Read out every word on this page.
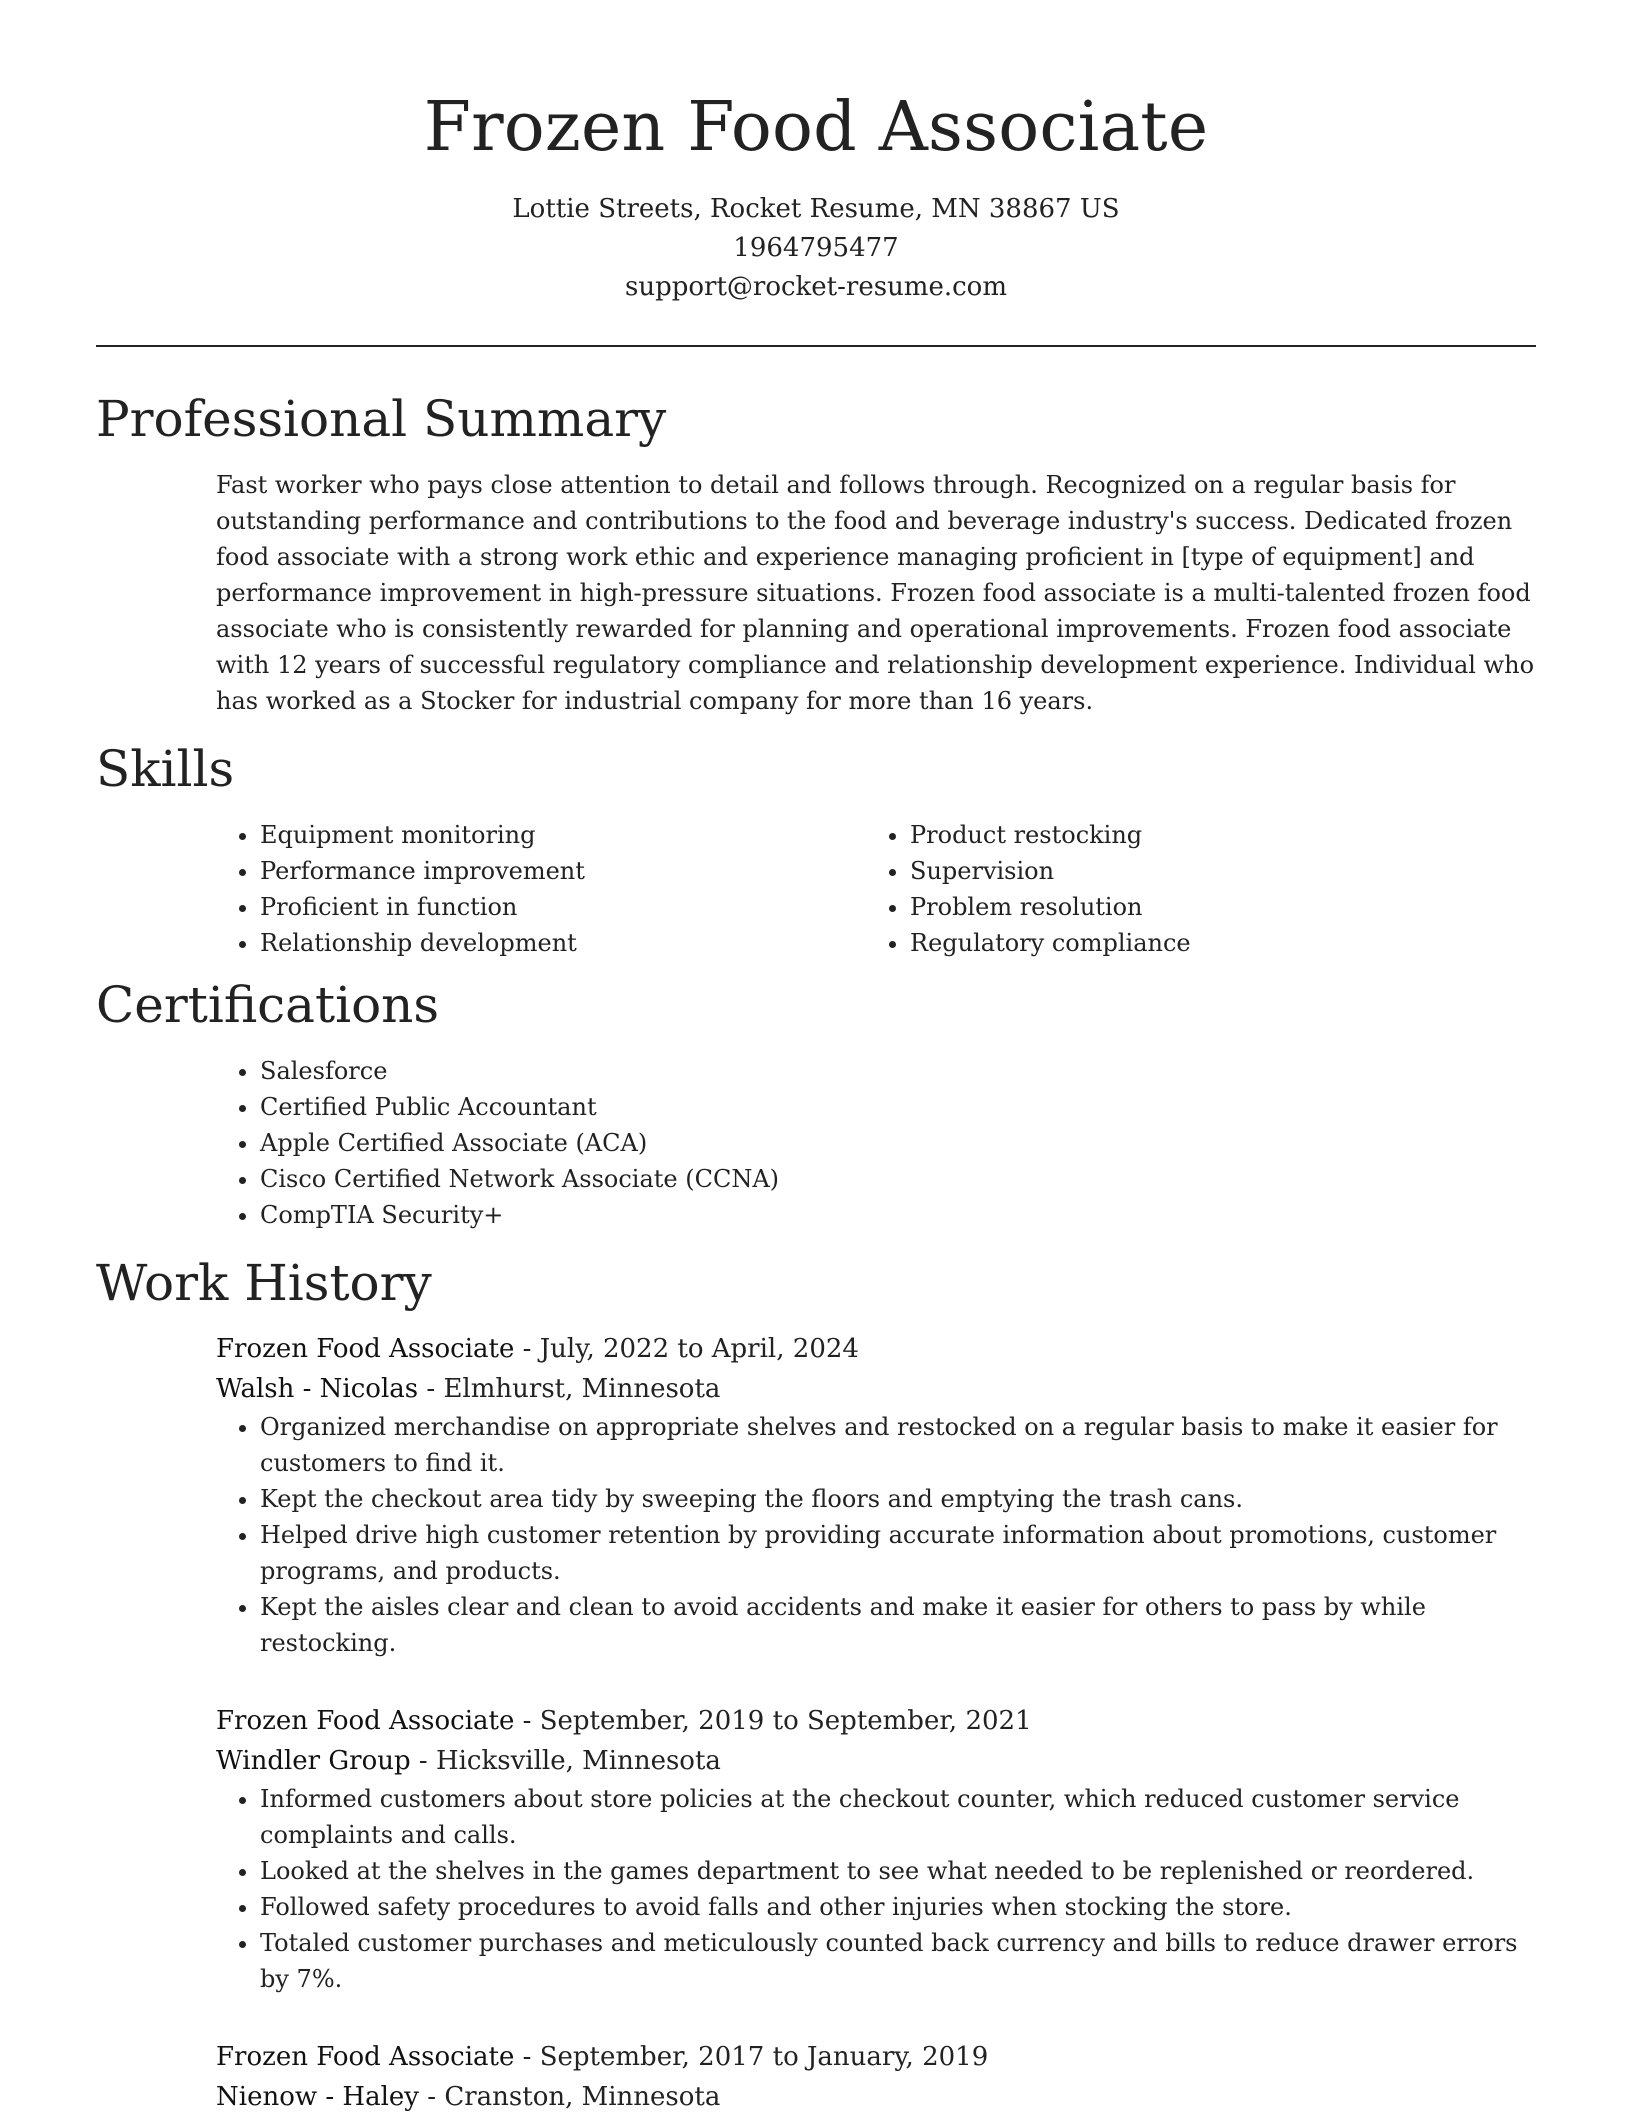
Frozen Food Associate
Lottie Streets, Rocket Resume, MN 38867 US
1964795477
support@rocket-resume.com
Professional Summary
Fast worker who pays close attention to detail and follows through. Recognized on a regular basis for outstanding performance and contributions to the food and beverage industry's success. Dedicated frozen food associate with a strong work ethic and experience managing proficient in [type of equipment] and performance improvement in high-pressure situations. Frozen food associate is a multi-talented frozen food associate who is consistently rewarded for planning and operational improvements. Frozen food associate with 12 years of successful regulatory compliance and relationship development experience. Individual who has worked as a Stocker for industrial company for more than 16 years.
Skills
• Equipment monitoring
• Performance improvement
• Proficient in function
• Relationship development
• Product restocking
• Supervision
• Problem resolution
• Regulatory compliance
Certifications
• Salesforce
• Certified Public Accountant
• Apple Certified Associate (ACA)
• Cisco Certified Network Associate (CCNA)
• CompTIA Security+
Work History
Frozen Food Associate - July, 2022 to April, 2024
Walsh - Nicolas - Elmhurst, Minnesota
• Organized merchandise on appropriate shelves and restocked on a regular basis to make it easier for customers to find it.
• Kept the checkout area tidy by sweeping the floors and emptying the trash cans.
• Helped drive high customer retention by providing accurate information about promotions, customer programs, and products.
• Kept the aisles clear and clean to avoid accidents and make it easier for others to pass by while restocking.
Frozen Food Associate - September, 2019 to September, 2021
Windler Group - Hicksville, Minnesota
• Informed customers about store policies at the checkout counter, which reduced customer service complaints and calls.
• Looked at the shelves in the games department to see what needed to be replenished or reordered.
• Followed safety procedures to avoid falls and other injuries when stocking the store.
• Totaled customer purchases and meticulously counted back currency and bills to reduce drawer errors by 7%.
Frozen Food Associate - September, 2017 to January, 2019
Nienow - Haley - Cranston, Minnesota
